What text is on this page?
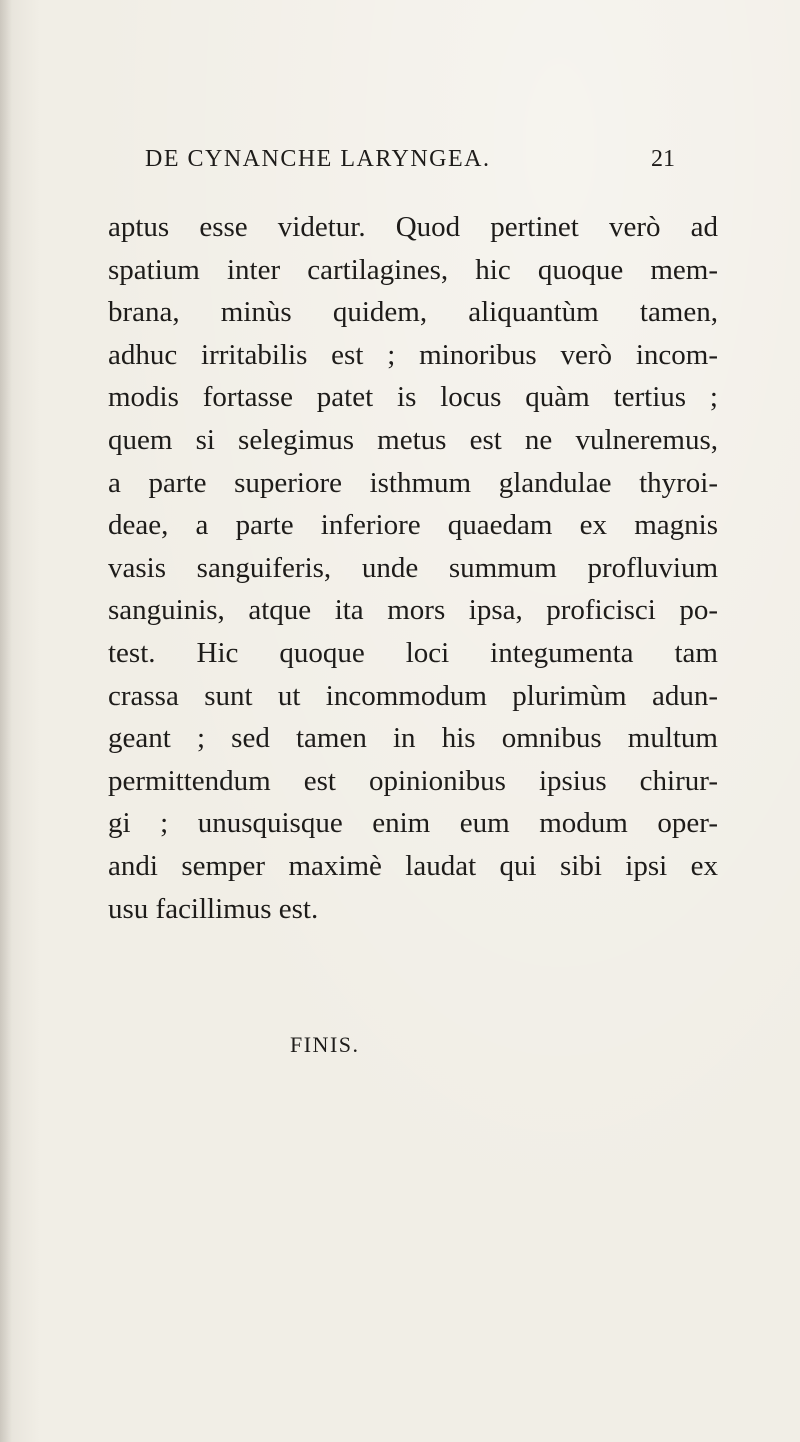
DE CYNANCHE LARYNGEA.	21
aptus esse videtur. Quod pertinet verò ad
spatium inter cartilagines, hic quoque mem-
brana, minùs quidem, aliquantùm tamen,
adhuc irritabilis est ; minoribus verò incom-
modis fortasse patet is locus quàm tertius ;
quem si selegimus metus est ne vulneremus,
a parte superiore isthmum glandulae thyroi-
deae, a parte inferiore quaedam ex magnis
vasis sanguiferis, unde summum profluvium
sanguinis, atque ita mors ipsa, proficisci po-
test. Hic quoque loci integumenta tam
crassa sunt ut incommodum plurimùm adun-
geant ; sed tamen in his omnibus multum
permittendum est opinionibus ipsius chirur-
gi ; unusquisque enim eum modum oper-
andi semper maximè laudat qui sibi ipsi ex
usu facillimus est.
FINIS.
